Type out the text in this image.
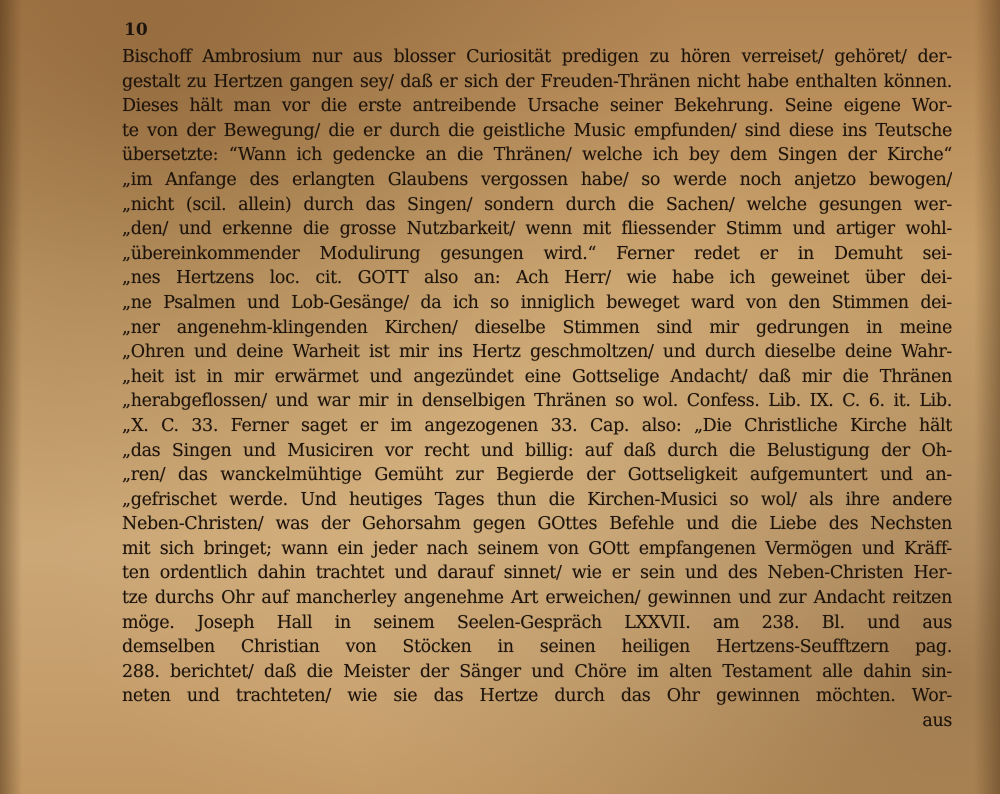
10
Bischoff Ambrosium nur aus blosser Curiosität predigen zu hören verreiset/ gehöret/ der-
gestalt zu Hertzen gangen sey/ daß er sich der Freuden-Thränen nicht habe enthalten können.
Dieses hält man vor die erste antreibende Ursache seiner Bekehrung. Seine eigene Wor-
te von der Bewegung/ die er durch die geistliche Music empfunden/ sind diese ins Teutsche
übersetzte: “Wann ich gedencke an die Thränen/ welche ich bey dem Singen der Kirche“
„im Anfange des erlangten Glaubens vergossen habe/ so werde noch anjetzo bewogen/
„nicht (scil. allein) durch das Singen/ sondern durch die Sachen/ welche gesungen wer-
„den/ und erkenne die grosse Nutzbarkeit/ wenn mit fliessender Stimm und artiger wohl-
„übereinkommender Modulirung gesungen wird.“ Ferner redet er in Demuht sei-
„nes Hertzens loc. cit. GOTT also an: Ach Herr/ wie habe ich geweinet über dei-
„ne Psalmen und Lob-Gesänge/ da ich so inniglich beweget ward von den Stimmen dei-
„ner angenehm-klingenden Kirchen/ dieselbe Stimmen sind mir gedrungen in meine
„Ohren und deine Warheit ist mir ins Hertz geschmoltzen/ und durch dieselbe deine Wahr-
„heit ist in mir erwärmet und angezündet eine Gottselige Andacht/ daß mir die Thränen
„herabgeflossen/ und war mir in denselbigen Thränen so wol. Confess. Lib. IX. C. 6. it. Lib.
„X. C. 33. Ferner saget er im angezogenen 33. Cap. also: „Die Christliche Kirche hält
„das Singen und Musiciren vor recht und billig: auf daß durch die Belustigung der Oh-
„ren/ das wanckelmühtige Gemüht zur Begierde der Gottseligkeit aufgemuntert und an-
„gefrischet werde. Und heutiges Tages thun die Kirchen-Musici so wol/ als ihre andere
Neben-Christen/ was der Gehorsahm gegen GOttes Befehle und die Liebe des Nechsten
mit sich bringet; wann ein jeder nach seinem von GOtt empfangenen Vermögen und Kräff-
ten ordentlich dahin trachtet und darauf sinnet/ wie er sein und des Neben-Christen Her-
tze durchs Ohr auf mancherley angenehme Art erweichen/ gewinnen und zur Andacht reitzen
möge. Joseph Hall in seinem Seelen-Gespräch LXXVII. am 238. Bl. und aus
demselben Christian von Stöcken in seinen heiligen Hertzens-Seufftzern pag.
288. berichtet/ daß die Meister der Sänger und Chöre im alten Testament alle dahin sin-
neten und trachteten/ wie sie das Hertze durch das Ohr gewinnen möchten. Wor-
aus
